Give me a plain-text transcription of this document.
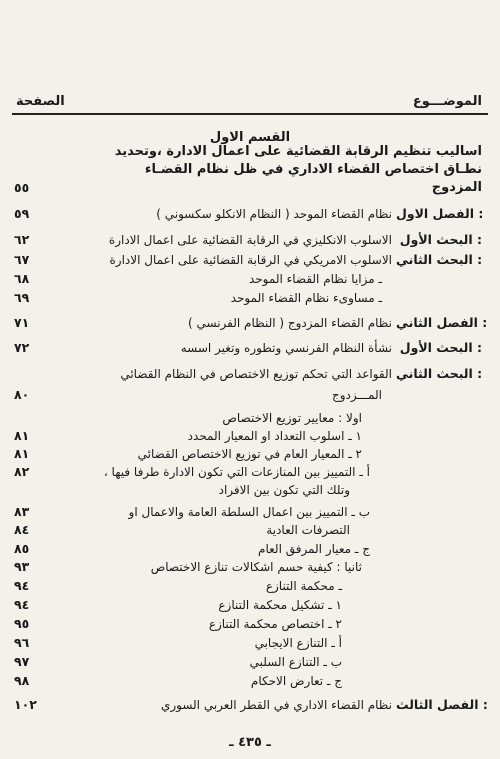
الصفحة	الموضـــوع
القسم الاول
اساليب تنظيم الرقابة القضائية على اعمال الادارة ،وتحديد
نطـاق اختصاص القضاء الاداري في ظل نظام القضـاء
المزدوج
٥٥
الفصل الاول :
نظام القضاء الموحد ( النظام الانكلو سكسوني )
٥٩
البحث الأول :
الاسلوب الانكليزي في الرقابة القضائية على اعمال الادارة
٦٢
البحث الثاني :
الاسلوب الامريكي في الرقابة القضائية على اعمال الادارة
٦٧
ـ مزايا نظام القضاء الموحد
٦٨
ـ مساوىء نظام القضاء الموحد
٦٩
الفصل الثاني :
نظام القضاء المزدوج ( النظام الفرنسي )
٧١
البحث الأول :
نشأة النظام الفرنسي وتطوره وتغير اسسه
٧٢
البحث الثاني :
القواعد التي تحكم توزيع الاختصاص في النظام القضائي
المـــزدوج
٨٠
اولا : معايير توزيع الاختصاص
١ ـ اسلوب التعداد او المعيار المحدد
٨١
٢ ـ المعيار العام في توزيع الاختصاص القضائي
٨١
أ ـ التمييز بين المنازعات التي تكون الادارة طرفا فيها ،
٨٢
وتلك التي تكون بين الافراد
ب ـ التمييز بين اعمال السلطة العامة والاعمال او
٨٣
التصرفات العادية
٨٤
ج ـ معيار المرفق العام
٨٥
ثانيا : كيفية حسم اشكالات تنازع الاختصاص
٩٣
ـ محكمة التنازع
٩٤
١ ـ تشكيل محكمة التنازع
٩٤
٢ ـ اختصاص محكمة التنازع
٩٥
أ ـ التنازع الايجابي
٩٦
ب ـ التنازع السلبي
٩٧
ج ـ تعارض الاحكام
٩٨
الفصل الثالث :
نظام القضاء الاداري في القطر العربي السوري
١٠٢
ـ ٤٣٥ ـ
